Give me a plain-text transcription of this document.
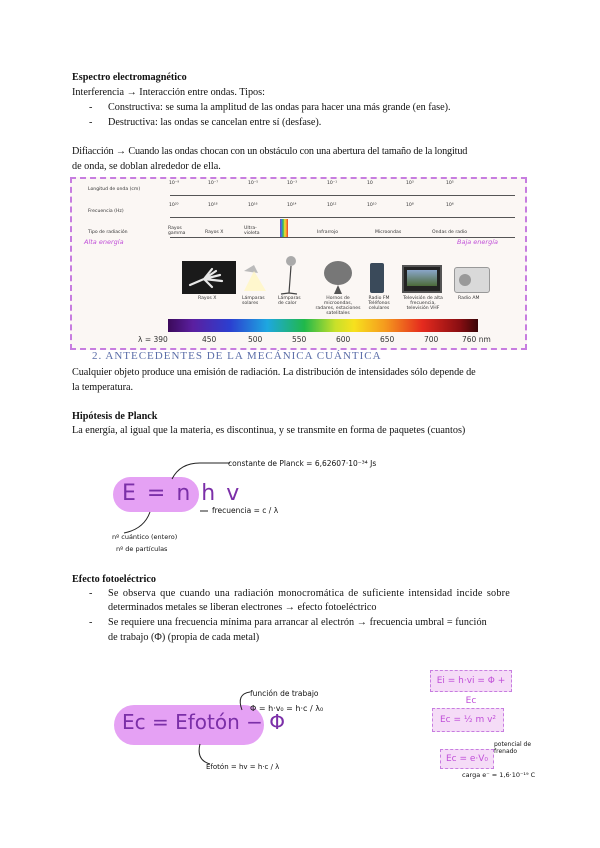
Espectro electromagnético
Interferencia → Interacción entre ondas. Tipos:
- Constructiva: se suma la amplitud de las ondas para hacer una más grande (en fase).
- Destructiva: las ondas se cancelan entre sí (desfase).
Difiacción → Cuando las ondas chocan con un obstáculo con una abertura del tamaño de la longitud
de onda, se doblan alrededor de ella.
Longitud de onda (cm)
Frecuencia (Hz)
Tipo de radiación
10⁻⁹	10⁻⁷	10⁻⁵	10⁻³	10⁻¹	10	10³	10⁵
10²⁰	10¹⁸	10¹⁶	10¹⁴	10¹²	10¹⁰	10⁸	10⁶
Rayos gamma	Rayos X
Ultra-violeta	Infrarrojo	Microondas	Ondas de radio
Alta energía	Baja energía
Rayos X	Lámparas solares
Lámparas de calor
Hornos de microondas, radares, estaciones satelitales
Radio FM Teléfonos celulares
Televisión de alta frecuencia, televisión VHF
Radio AM
λ = 390	450	500	550	600	650	700	760 nm
2. ANTECEDENTES DE LA MECÁNICA CUÁNTICA
Cualquier objeto produce una emisión de radiación. La distribución de intensidades sólo depende de
la temperatura.
Hipótesis de Planck
La energía, al igual que la materia, es discontinua, y se transmite en forma de paquetes (cuantos)
E = n h v
constante de Planck = 6,62607·10⁻³⁴ Js
frecuencia = c / λ
nº cuántico (entero)
nº de partículas
Efecto fotoeléctrico
- Se observa que cuando una radiación monocromática de suficiente intensidad incide sobre
determinados metales se liberan electrones → efecto fotoeléctrico
- Se requiere una frecuencia mínima para arrancar al electrón → frecuencia umbral = función
de trabajo (Φ) (propia de cada metal)
Ec = Efotón − Φ
función de trabajo
Φ = h·v₀ = h·c / λ₀
Efotón = hv = h·c / λ
Ei = h·vi = Φ + Ec
Ec = ½ m v²
Ec = e·V₀
potencial de frenado
carga e⁻ = 1,6·10⁻¹⁹ C
